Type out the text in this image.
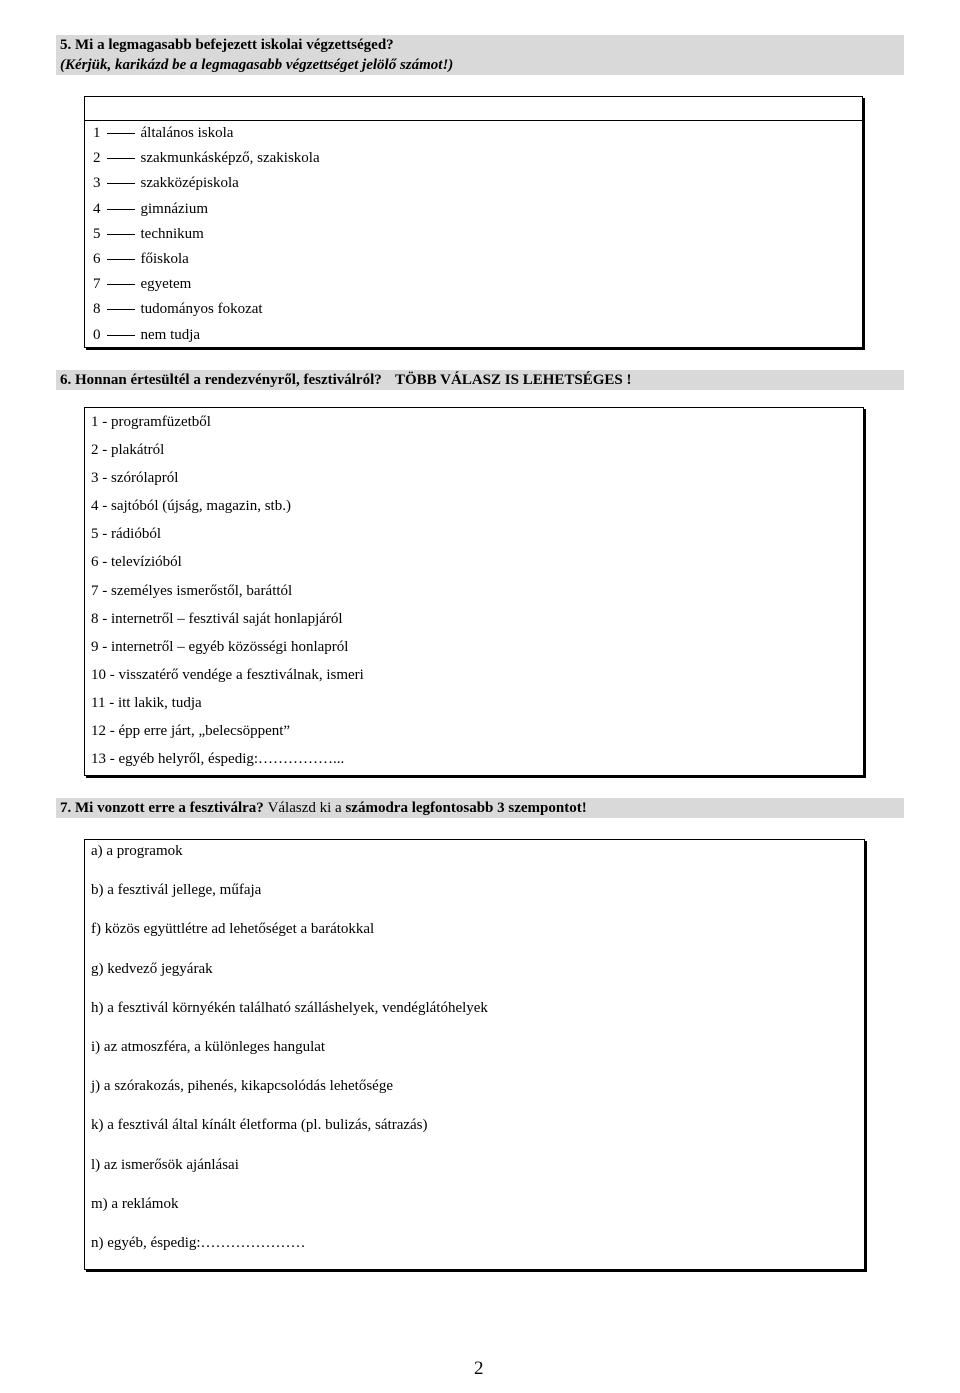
5. Mi a legmagasabb befejezett iskolai végzettséged?
(Kérjük, karikázd be a legmagasabb végzettséget jelölő számot!)
1	általános iskola
2	szakmunkásképző, szakiskola
3	szakközépiskola
4	gimnázium
5	technikum
6	főiskola
7	egyetem
8	tudományos fokozat
0	nem tudja
6. Honnan értesültél a rendezvényről, fesztiválról? TÖBB VÁLASZ IS LEHETSÉGES !
1 - programfüzetből
2 - plakátról
3 - szórólapról
4 - sajtóból (újság, magazin, stb.)
5 - rádióból
6 - televízióból
7 - személyes ismerőstől, baráttól
8 - internetről – fesztivál saját honlapjáról
9 - internetről – egyéb közösségi honlapról
10 - visszatérő vendége a fesztiválnak, ismeri
11 - itt lakik, tudja
12 - épp erre járt, „belecsöppent”
13 - egyéb helyről, éspedig:……………...
7. Mi vonzott erre a fesztiválra? Válaszd ki a számodra legfontosabb 3 szempontot!
a) a programok
b) a fesztivál jellege, műfaja
f) közös együttlétre ad lehetőséget a barátokkal
g) kedvező jegyárak
h) a fesztivál környékén található szálláshelyek, vendéglátóhelyek
i) az atmoszféra, a különleges hangulat
j) a szórakozás, pihenés, kikapcsolódás lehetősége
k) a fesztivál által kínált életforma (pl. bulizás, sátrazás)
l) az ismerősök ajánlásai
m) a reklámok
n) egyéb, éspedig:…………………
2
